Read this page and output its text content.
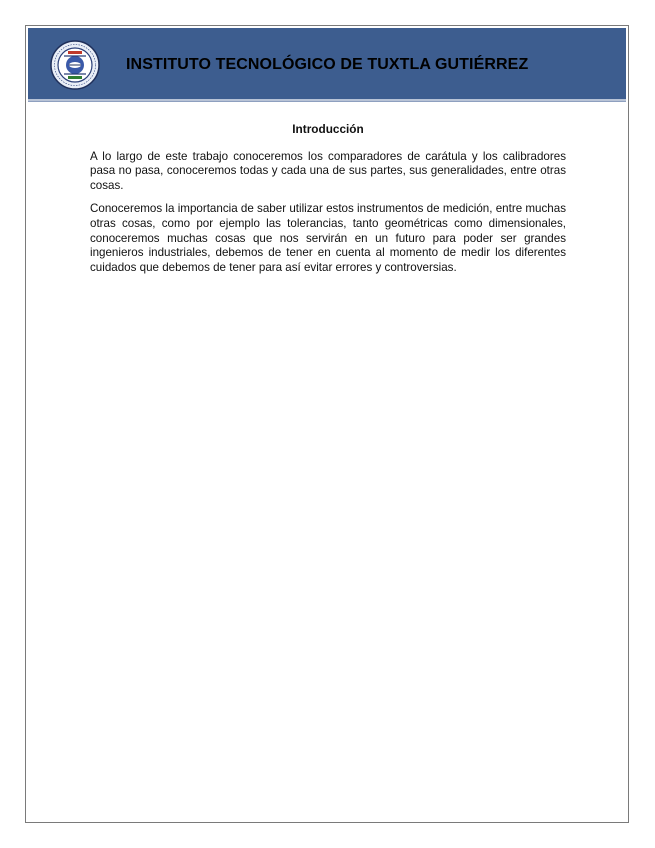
INSTITUTO TECNOLÓGICO DE TUXTLA GUTIÉRREZ
Introducción

A lo largo de este trabajo conoceremos los comparadores de carátula y los calibradores pasa no pasa, conoceremos todas y cada una de sus partes, sus generalidades, entre otras cosas.

Conoceremos la importancia de saber utilizar estos instrumentos de medición, entre muchas otras cosas, como por ejemplo las tolerancias, tanto geométricas como dimensionales, conoceremos muchas cosas que nos servirán en un futuro para poder ser grandes ingenieros industriales, debemos de tener en cuenta al momento de medir los diferentes cuidados que debemos de tener para así evitar errores y controversias.
